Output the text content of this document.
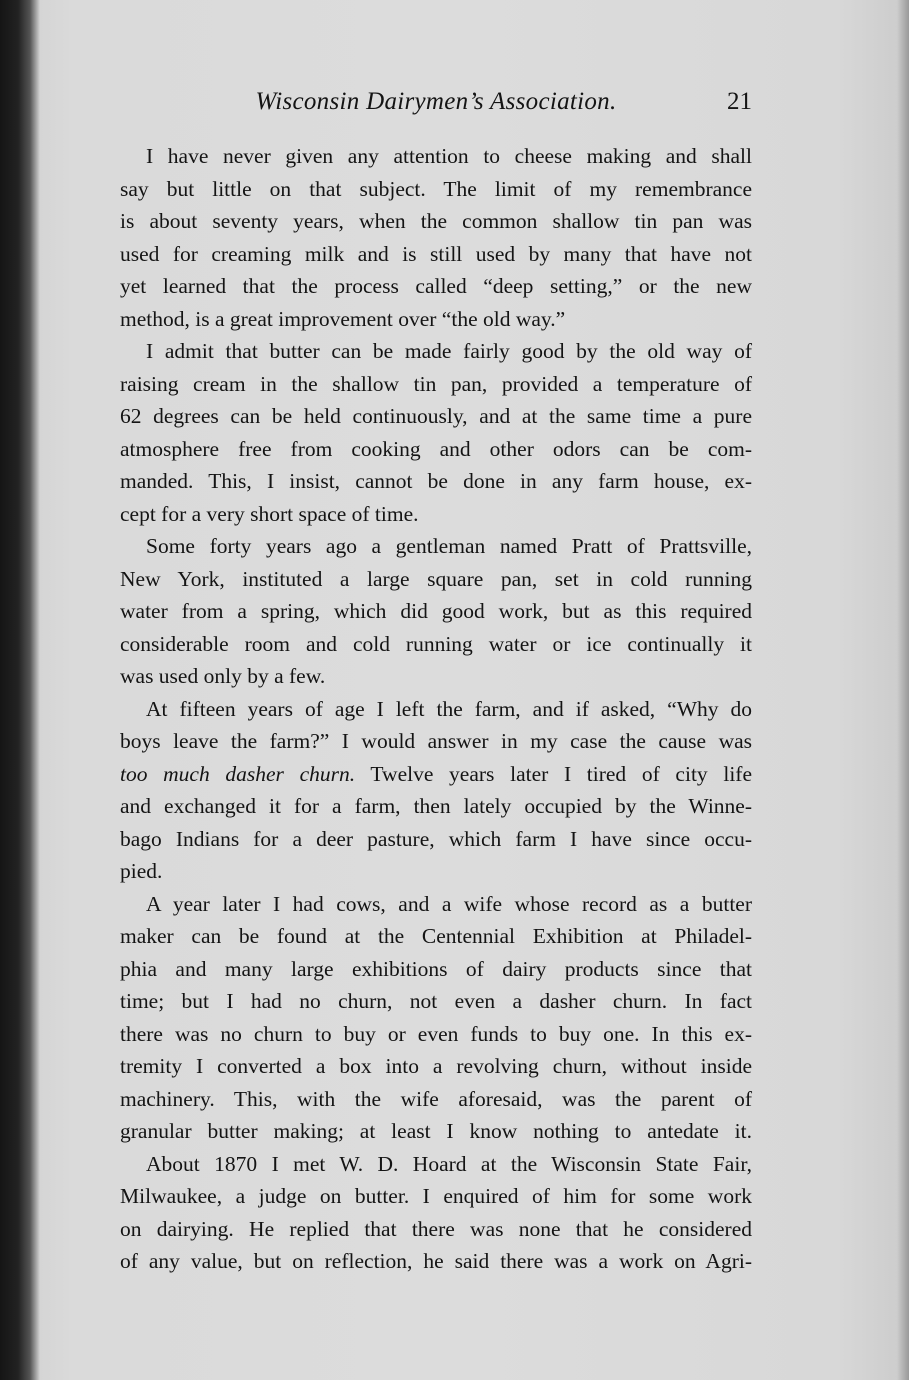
Wisconsin Dairymen’s Association.	21
I have never given any attention to cheese making and shall
say but little on that subject. The limit of my remembrance
is about seventy years, when the common shallow tin pan was
used for creaming milk and is still used by many that have not
yet learned that the process called “deep setting,” or the new
method, is a great improvement over “the old way.”
I admit that butter can be made fairly good by the old way of
raising cream in the shallow tin pan, provided a temperature of
62 degrees can be held continuously, and at the same time a pure
atmosphere free from cooking and other odors can be com-
manded. This, I insist, cannot be done in any farm house, ex-
cept for a very short space of time.
Some forty years ago a gentleman named Pratt of Prattsville,
New York, instituted a large square pan, set in cold running
water from a spring, which did good work, but as this required
considerable room and cold running water or ice continually it
was used only by a few.
At fifteen years of age I left the farm, and if asked, “Why do
boys leave the farm?” I would answer in my case the cause was
too much dasher churn. Twelve years later I tired of city life
and exchanged it for a farm, then lately occupied by the Winne-
bago Indians for a deer pasture, which farm I have since occu-
pied.
A year later I had cows, and a wife whose record as a butter
maker can be found at the Centennial Exhibition at Philadel-
phia and many large exhibitions of dairy products since that
time; but I had no churn, not even a dasher churn. In fact
there was no churn to buy or even funds to buy one. In this ex-
tremity I converted a box into a revolving churn, without inside
machinery. This, with the wife aforesaid, was the parent of
granular butter making; at least I know nothing to antedate it.
About 1870 I met W. D. Hoard at the Wisconsin State Fair,
Milwaukee, a judge on butter. I enquired of him for some work
on dairying. He replied that there was none that he considered
of any value, but on reflection, he said there was a work on Agri-
